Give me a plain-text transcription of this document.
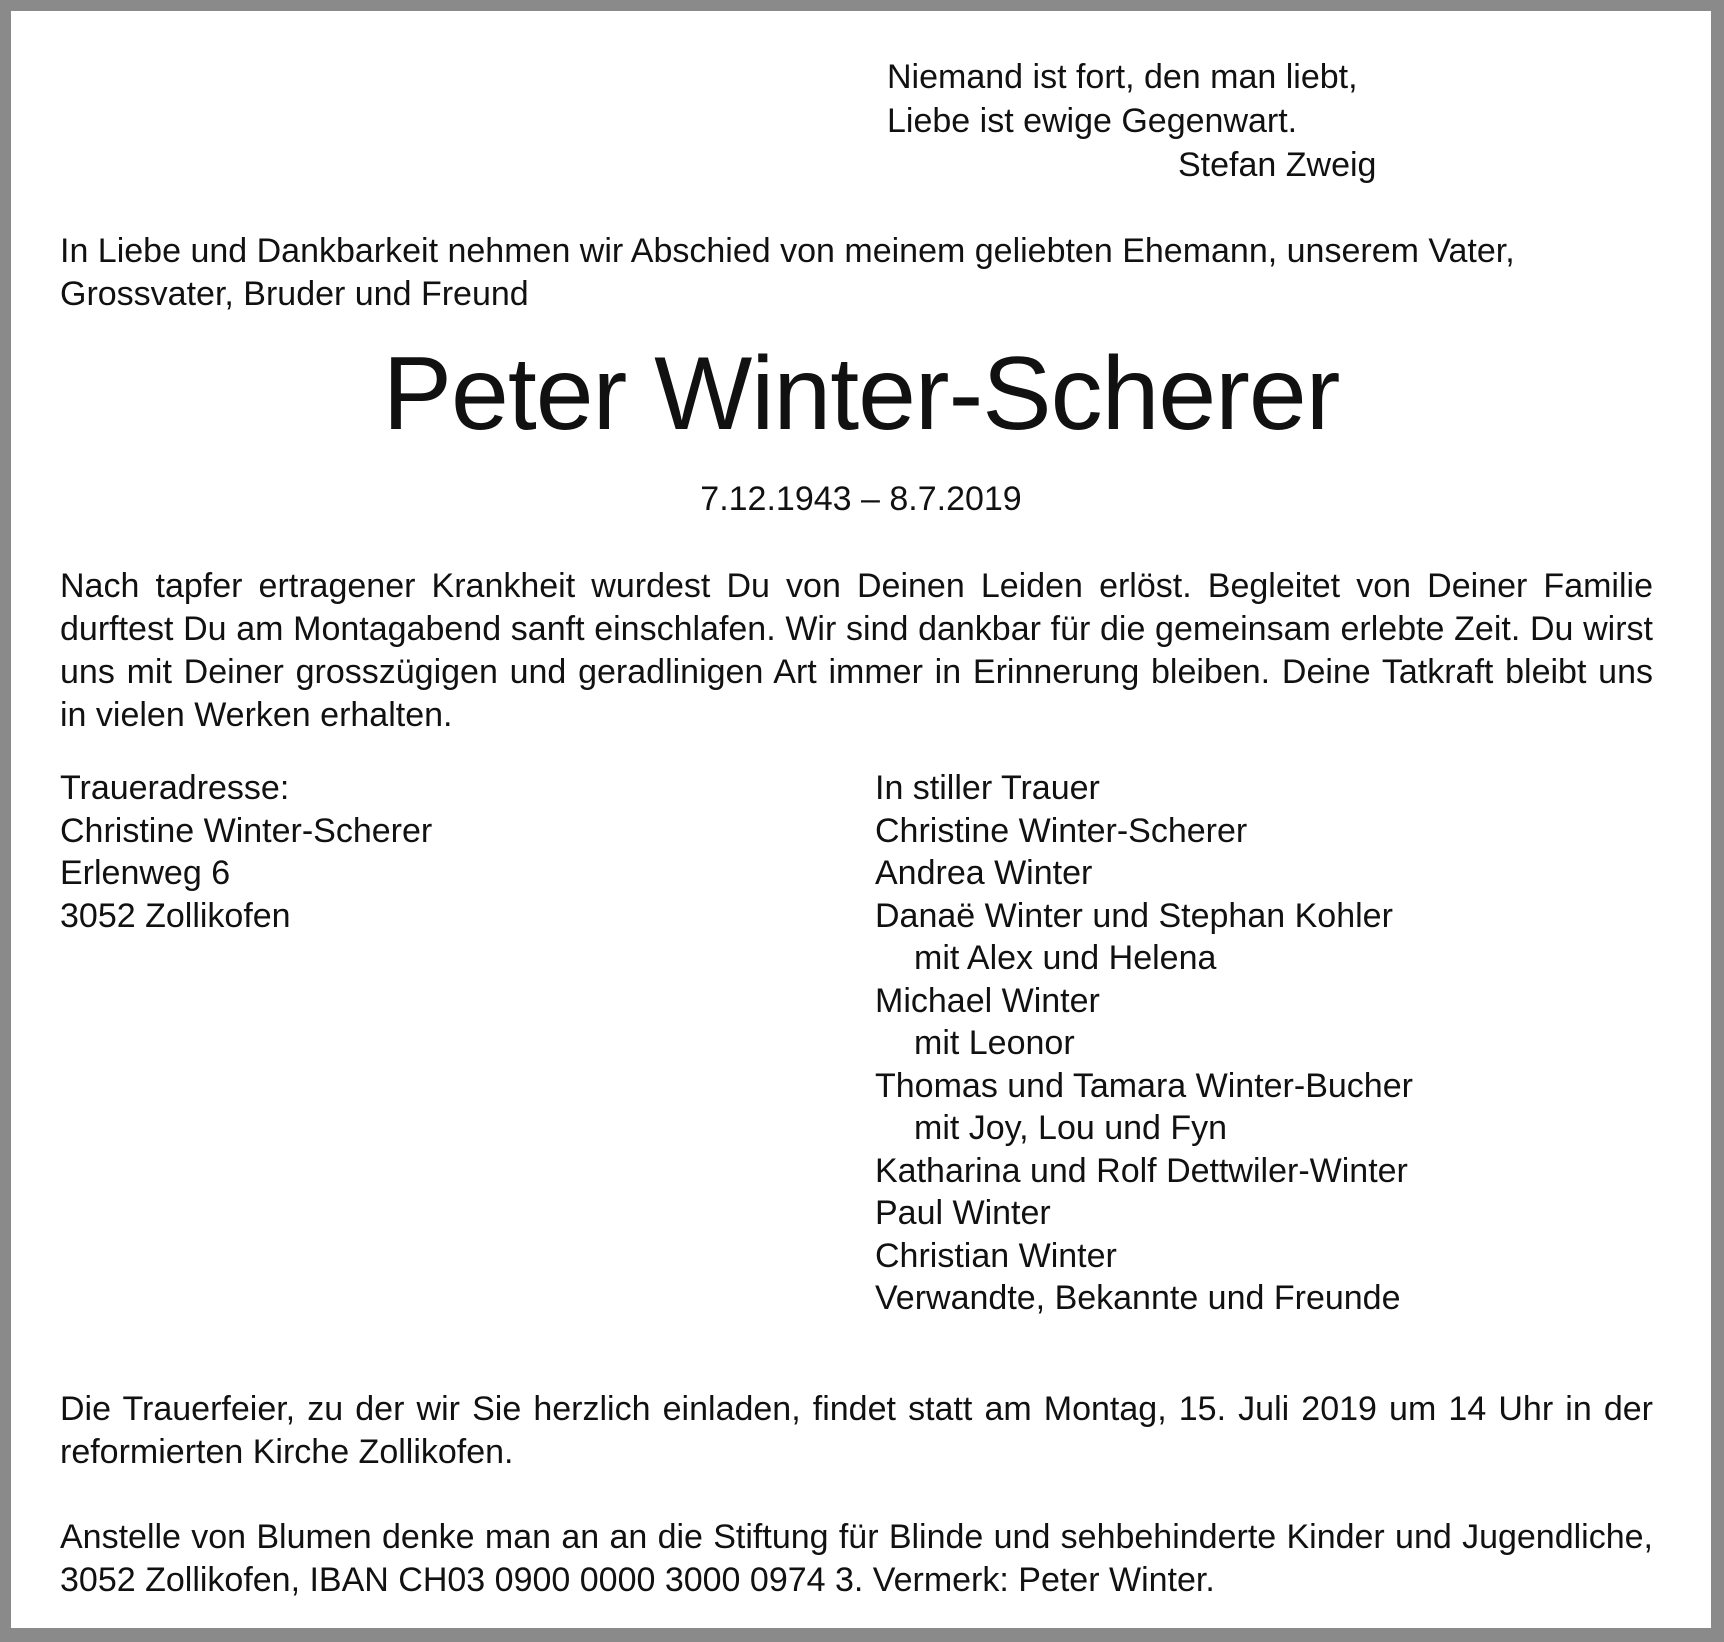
Niemand ist fort, den man liebt,
Liebe ist ewige Gegenwart.
Stefan Zweig
In Liebe und Dankbarkeit nehmen wir Abschied von meinem geliebten Ehemann, unserem Vater, Grossvater, Bruder und Freund
Peter Winter-Scherer
7.12.1943 – 8.7.2019
Nach tapfer ertragener Krankheit wurdest Du von Deinen Leiden erlöst. Begleitet von Deiner Familie durftest Du am Montagabend sanft einschlafen. Wir sind dankbar für die gemeinsam erlebte Zeit. Du wirst uns mit Deiner grosszügigen und geradlinigen Art immer in Erinnerung bleiben. Deine Tatkraft bleibt uns in vielen Werken erhalten.
Traueradresse:
Christine Winter-Scherer
Erlenweg 6
3052 Zollikofen
In stiller Trauer
Christine Winter-Scherer
Andrea Winter
Danaë Winter und Stephan Kohler
mit Alex und Helena
Michael Winter
mit Leonor
Thomas und Tamara Winter-Bucher
mit Joy, Lou und Fyn
Katharina und Rolf Dettwiler-Winter
Paul Winter
Christian Winter
Verwandte, Bekannte und Freunde
Die Trauerfeier, zu der wir Sie herzlich einladen, findet statt am Montag, 15. Juli 2019 um 14 Uhr in der reformierten Kirche Zollikofen.
Anstelle von Blumen denke man an an die Stiftung für Blinde und sehbehinderte Kinder und Jugendliche, 3052 Zollikofen, IBAN CH03 0900 0000 3000 0974 3. Vermerk: Peter Winter.
